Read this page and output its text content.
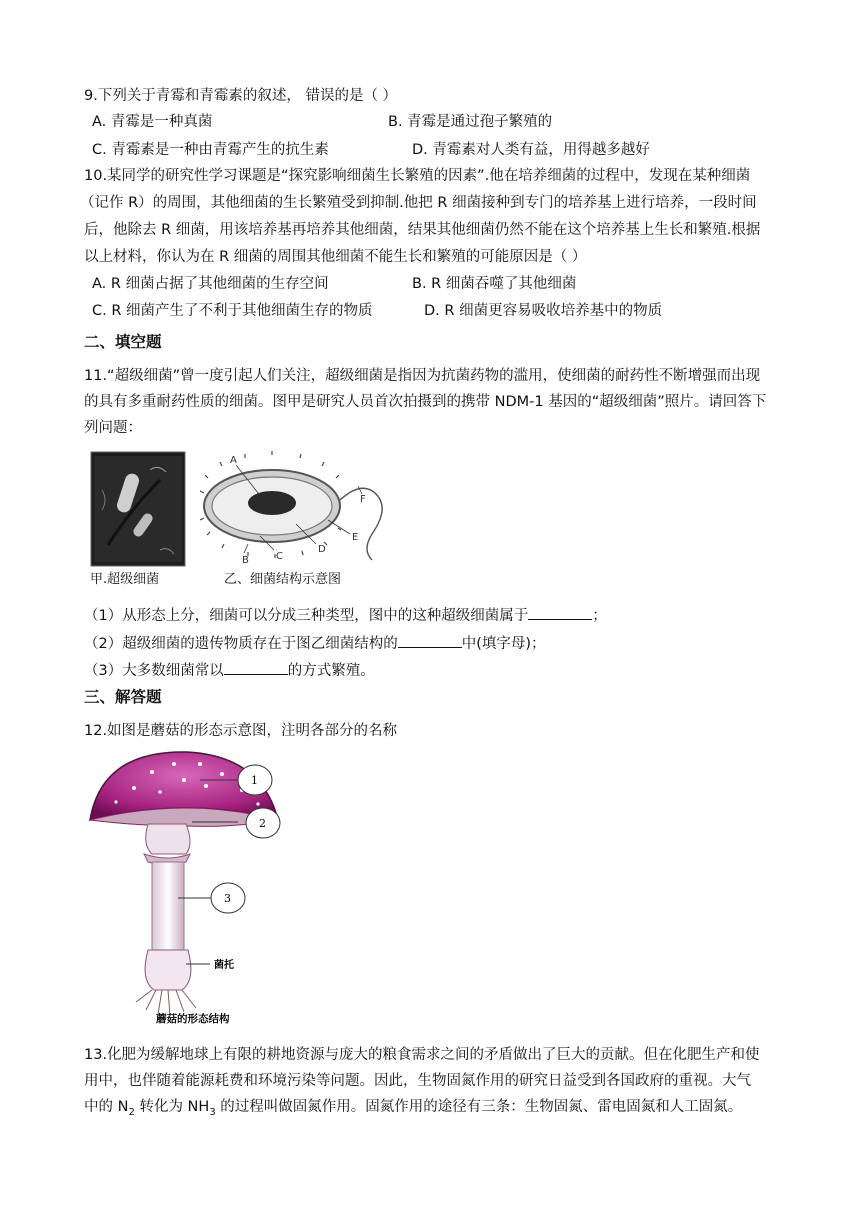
9.下列关于青霉和青霉素的叙述， 错误的是（ ）
A. 青霉是一种真菌	B. 青霉是通过孢子繁殖的
C. 青霉素是一种由青霉产生的抗生素	D. 青霉素对人类有益，用得越多越好
10.某同学的研究性学习课题是“探究影响细菌生长繁殖的因素”.他在培养细菌的过程中，发现在某种细菌
（记作 R）的周围，其他细菌的生长繁殖受到抑制.他把 R 细菌接种到专门的培养基上进行培养，一段时间
后，他除去 R 细菌，用该培养基再培养其他细菌，结果其他细菌仍然不能在这个培养基上生长和繁殖.根据
以上材料，你认为在 R 细菌的周围其他细菌不能生长和繁殖的可能原因是（ ）
A. R 细菌占据了其他细菌的生存空间	B. R 细菌吞噬了其他细菌
C. R 细菌产生了不利于其他细菌生存的物质	D. R 细菌更容易吸收培养基中的物质
二、填空题
11.“超级细菌”曾一度引起人们关注，超级细菌是指因为抗菌药物的滥用，使细菌的耐药性不断增强而出现
的具有多重耐药性质的细菌。图甲是研究人员首次拍摄到的携带 NDM-1 基因的“超级细菌”照片。请回答下
列问题：
甲.超级细菌
A
B	C
D
E
F
乙、细菌结构示意图
（1）从形态上分，细菌可以分成三种类型，图中的这种超级细菌属于	；
（2）超级细菌的遗传物质存在于图乙细菌结构的	中(填字母)；
（3）大多数细菌常以	的方式繁殖。
三、解答题
12.如图是蘑菇的形态示意图，注明各部分的名称
1
2
3
菌托
蘑菇的形态结构
13.化肥为缓解地球上有限的耕地资源与庞大的粮食需求之间的矛盾做出了巨大的贡献。但在化肥生产和使
用中，也伴随着能源耗费和环境污染等问题。因此，生物固氮作用的研究日益受到各国政府的重视。大气
中的 $N_2$ 转化为 $NH_3$ 的过程叫做固氮作用。固氮作用的途径有三条：生物固氮、雷电固氮和人工固氮。
